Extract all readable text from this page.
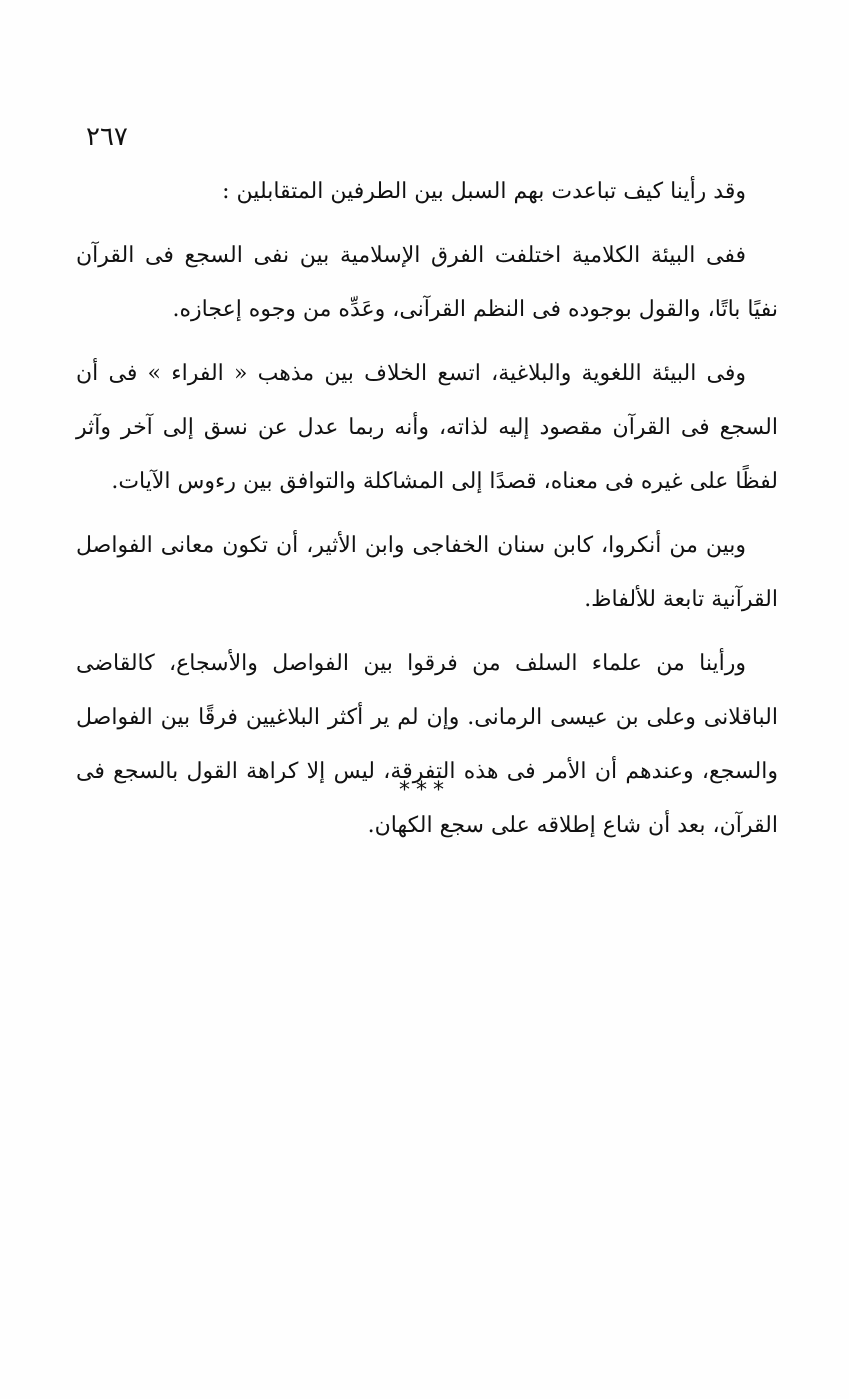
٢٦٧

وقد رأينا كيف تباعدت بهم السبل بين الطرفين المتقابلين :

ففى البيئة الكلامية اختلفت الفرق الإسلامية بين نفى السجع فى القرآن نفيًا باتًا، والقول بوجوده فى النظم القرآنى، وعَدِّه من وجوه إعجازه.

وفى البيئة اللغوية والبلاغية، اتسع الخلاف بين مذهب « الفراء » فى أن السجع فى القرآن مقصود إليه لذاته، وأنه ربما عدل عن نسق إلى آخر وآثر لفظًا على غيره فى معناه، قصدًا إلى المشاكلة والتوافق بين رءوس الآيات.

وبين من أنكروا، كابن سنان الخفاجى وابن الأثير، أن تكون معانى الفواصل القرآنية تابعة للألفاظ.

ورأينا من علماء السلف من فرقوا بين الفواصل والأسجاع، كالقاضى الباقلانى وعلى بن عيسى الرمانى. وإن لم ير أكثر البلاغيين فرقًا بين الفواصل والسجع، وعندهم أن الأمر فى هذه التفرقة، ليس إلا كراهة القول بالسجع فى القرآن، بعد أن شاع إطلاقه على سجع الكهان.

***
